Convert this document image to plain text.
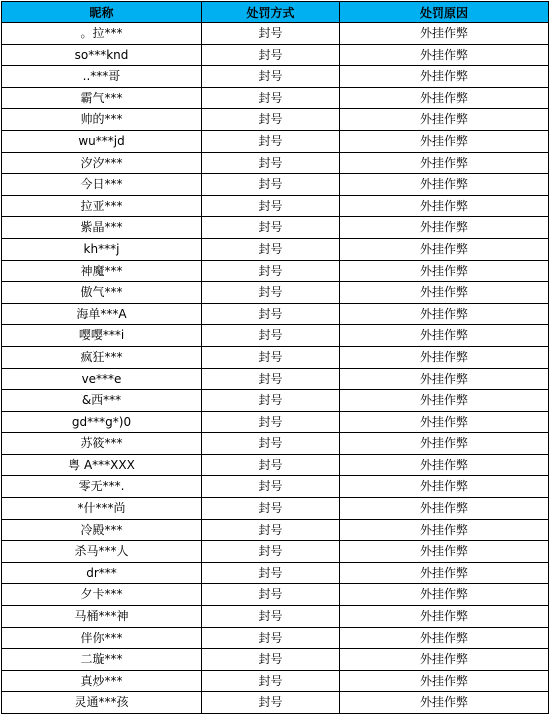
昵称	处罚方式	处罚原因
。拉***	封号	外挂作弊
so***knd	封号	外挂作弊
..***哥	封号	外挂作弊
霸气***	封号	外挂作弊
帅的***	封号	外挂作弊
wu***jd	封号	外挂作弊
汐汐***	封号	外挂作弊
今日***	封号	外挂作弊
拉亚***	封号	外挂作弊
紫晶***	封号	外挂作弊
kh***j	封号	外挂作弊
神魔***	封号	外挂作弊
傲气***	封号	外挂作弊
海单***A	封号	外挂作弊
嘤嘤***i	封号	外挂作弊
疯狂***	封号	外挂作弊
ve***e	封号	外挂作弊
&西***	封号	外挂作弊
gd***g*)0	封号	外挂作弊
苏筱***	封号	外挂作弊
粤 A***XXX	封号	外挂作弊
零无***.	封号	外挂作弊
*什***尚	封号	外挂作弊
冷殿***	封号	外挂作弊
杀马***人	封号	外挂作弊
dr***	封号	外挂作弊
夕卡***	封号	外挂作弊
马桶***神	封号	外挂作弊
伴你***	封号	外挂作弊
二璇***	封号	外挂作弊
真炒***	封号	外挂作弊
灵通***孩	封号	外挂作弊
